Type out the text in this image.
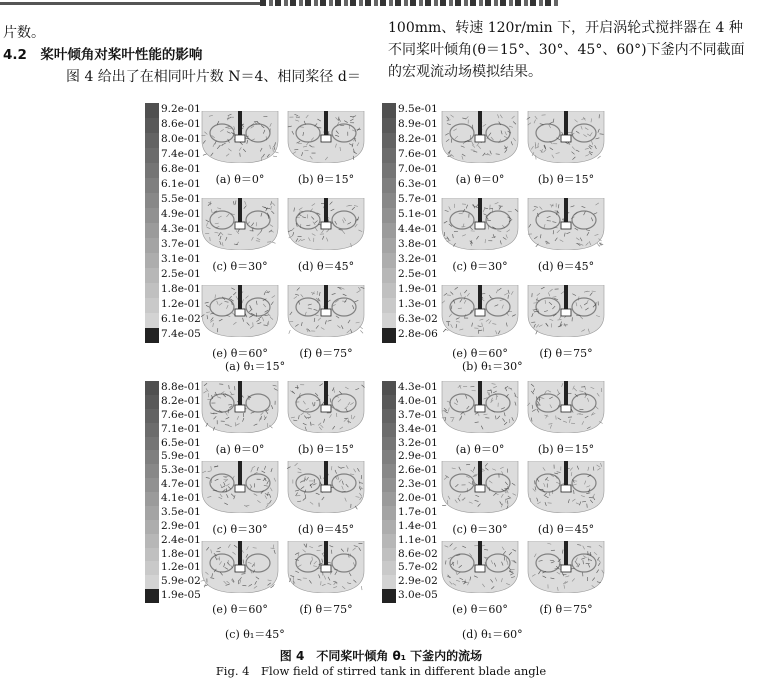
片数。
4.2　桨叶倾角对桨叶性能的影响
图 4 给出了在相同叶片数 N＝4、相同桨径 d＝
100mm、转速 120r/min 下，开启涡轮式搅拌器在 4 种
不同桨叶倾角(θ＝15°、30°、45°、60°)下釜内不同截面
的宏观流动场模拟结果。
9.2e-01
8.6e-01
8.0e-01
7.4e-01
6.8e-01
6.1e-01
5.5e-01
4.9e-01
4.3e-01
3.7e-01
3.1e-01
2.5e-01
1.8e-01
1.2e-01
6.1e-02
7.4e-05
(a) θ＝0°	(b) θ＝15°
(c) θ＝30°	(d) θ＝45°
(e) θ＝60°	(f) θ＝75°
(a) θ₁＝15°
9.5e-01
8.9e-01
8.2e-01
7.6e-01
7.0e-01
6.3e-01
5.7e-01
5.1e-01
4.4e-01
3.8e-01
3.2e-01
2.5e-01
1.9e-01
1.3e-01
6.3e-02
2.8e-06
(a) θ＝0°	(b) θ＝15°
(c) θ＝30°	(d) θ＝45°
(e) θ＝60°	(f) θ＝75°
(b) θ₁＝30°
8.8e-01
8.2e-01
7.6e-01
7.1e-01
6.5e-01
5.9e-01
5.3e-01
4.7e-01
4.1e-01
3.5e-01
2.9e-01
2.4e-01
1.8e-01
1.2e-01
5.9e-02
1.9e-05
(a) θ＝0°	(b) θ＝15°
(c) θ＝30°	(d) θ＝45°
(e) θ＝60°	(f) θ＝75°
(c) θ₁＝45°
4.3e-01
4.0e-01
3.7e-01
3.4e-01
3.2e-01
2.9e-01
2.6e-01
2.3e-01
2.0e-01
1.7e-01
1.4e-01
1.1e-01
8.6e-02
5.7e-02
2.9e-02
3.0e-05
(a) θ＝0°	(b) θ＝15°
(c) θ＝30°	(d) θ＝45°
(e) θ＝60°	(f) θ＝75°
(d) θ₁＝60°
图 4　不同桨叶倾角 θ₁ 下釜内的流场
Fig. 4　Flow field of stirred tank in different blade angle
